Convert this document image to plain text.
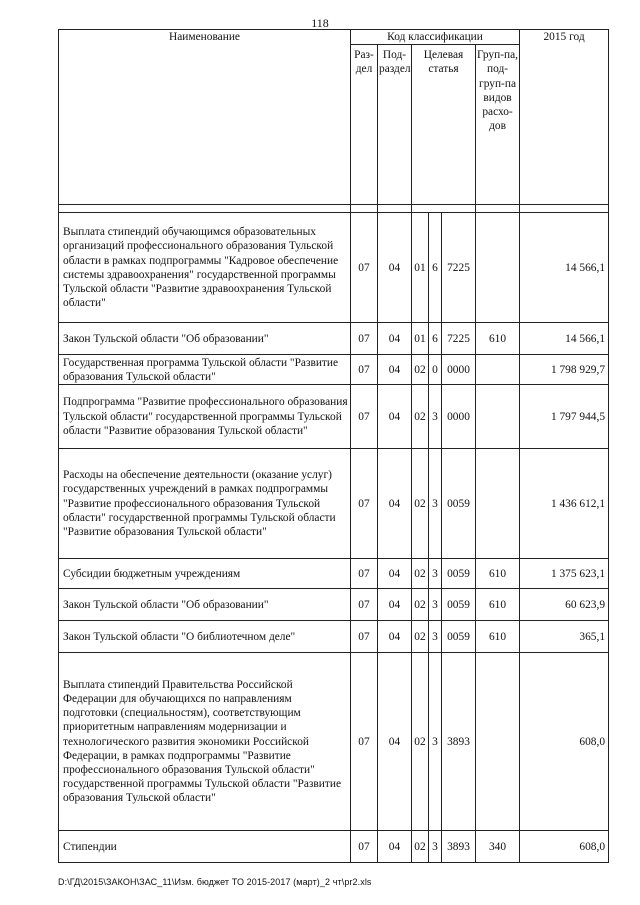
118
Наименование	Код классификации						2015 год
	Раз-дел	Под-раздел	Целевая статья			Груп-па, под-груп-па видов расхо-дов	

Выплата стипендий обучающимся образовательных организаций профессионального образования Тульской области в рамках подпрограммы "Кадровое обеспечение системы здравоохранения" государственной программы Тульской области "Развитие здравоохранения Тульской области"	07	04	01	6	7225		14 566,1
Закон Тульской области "Об образовании"	07	04	01	6	7225	610	14 566,1
Государственная программа Тульской области "Развитие образования Тульской области"	07	04	02	0	0000		1 798 929,7
Подпрограмма "Развитие профессионального образования Тульской области" государственной программы Тульской области "Развитие образования Тульской области"	07	04	02	3	0000		1 797 944,5
Расходы на обеспечение деятельности (оказание услуг) государственных учреждений в рамках подпрограммы "Развитие профессионального образования Тульской области" государственной программы Тульской области "Развитие образования Тульской области"	07	04	02	3	0059		1 436 612,1
Субсидии бюджетным учреждениям	07	04	02	3	0059	610	1 375 623,1
Закон Тульской области "Об образовании"	07	04	02	3	0059	610	60 623,9
Закон Тульской области "О библиотечном деле"	07	04	02	3	0059	610	365,1
Выплата стипендий Правительства Российской Федерации для обучающихся по направлениям подготовки (специальностям), соответствующим приоритетным направлениям модернизации и технологического развития экономики Российской Федерации, в рамках подпрограммы "Развитие профессионального образования Тульской области" государственной программы Тульской области "Развитие образования Тульской области"	07	04	02	3	3893		608,0
Стипендии	07	04	02	3	3893	340	608,0
D:\ГД\2015\ЗАКОН\ЗАС_11\Изм. бюджет ТО 2015-2017 (март)_2 чт\pr2.xls
